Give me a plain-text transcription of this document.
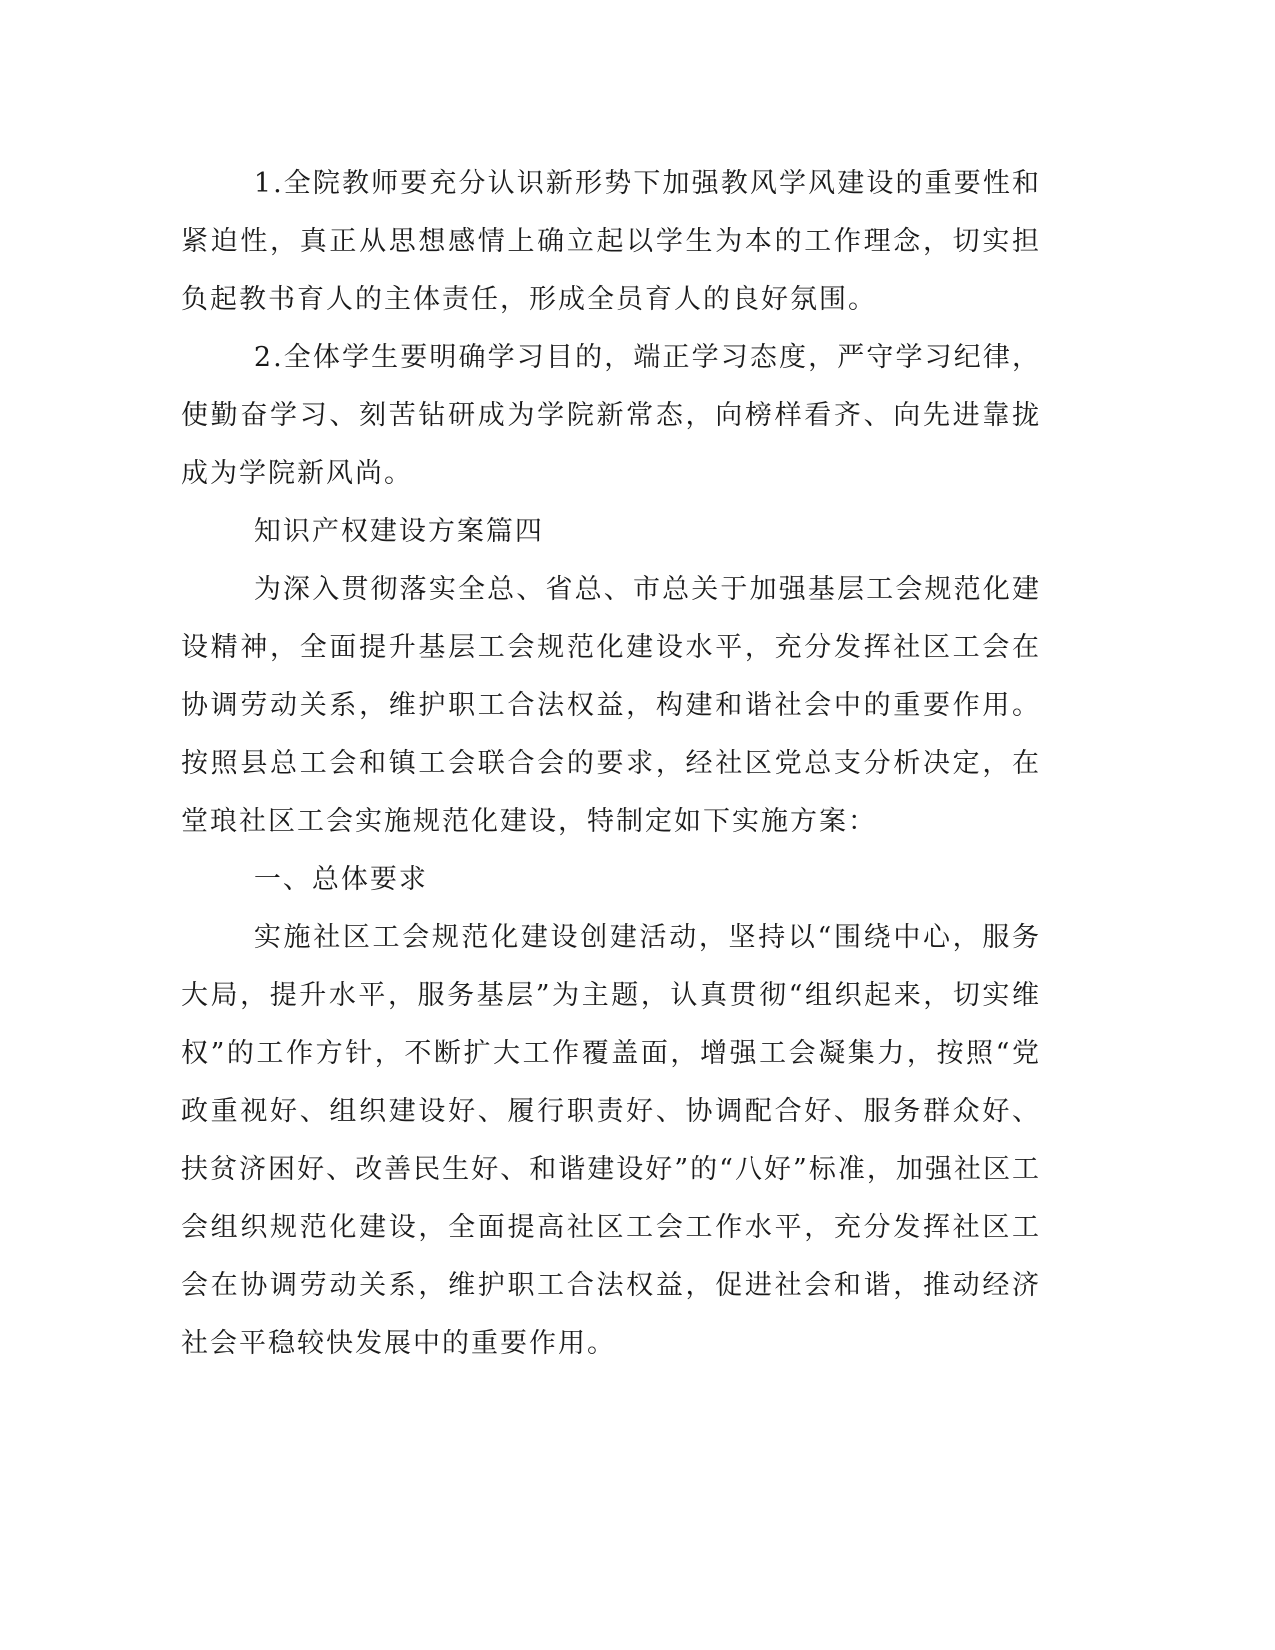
1.全院教师要充分认识新形势下加强教风学风建设的重要性和紧迫性，真正从思想感情上确立起以学生为本的工作理念，切实担负起教书育人的主体责任，形成全员育人的良好氛围。

2.全体学生要明确学习目的，端正学习态度，严守学习纪律，使勤奋学习、刻苦钻研成为学院新常态，向榜样看齐、向先进靠拢成为学院新风尚。

知识产权建设方案篇四

为深入贯彻落实全总、省总、市总关于加强基层工会规范化建设精神，全面提升基层工会规范化建设水平，充分发挥社区工会在协调劳动关系，维护职工合法权益，构建和谐社会中的重要作用。按照县总工会和镇工会联合会的要求，经社区党总支分析决定，在堂琅社区工会实施规范化建设，特制定如下实施方案：

一、总体要求

实施社区工会规范化建设创建活动，坚持以“围绕中心，服务大局，提升水平，服务基层”为主题，认真贯彻“组织起来，切实维权”的工作方针，不断扩大工作覆盖面，增强工会凝集力，按照“党政重视好、组织建设好、履行职责好、协调配合好、服务群众好、扶贫济困好、改善民生好、和谐建设好”的“八好”标准，加强社区工会组织规范化建设，全面提高社区工会工作水平，充分发挥社区工会在协调劳动关系，维护职工合法权益，促进社会和谐，推动经济社会平稳较快发展中的重要作用。
